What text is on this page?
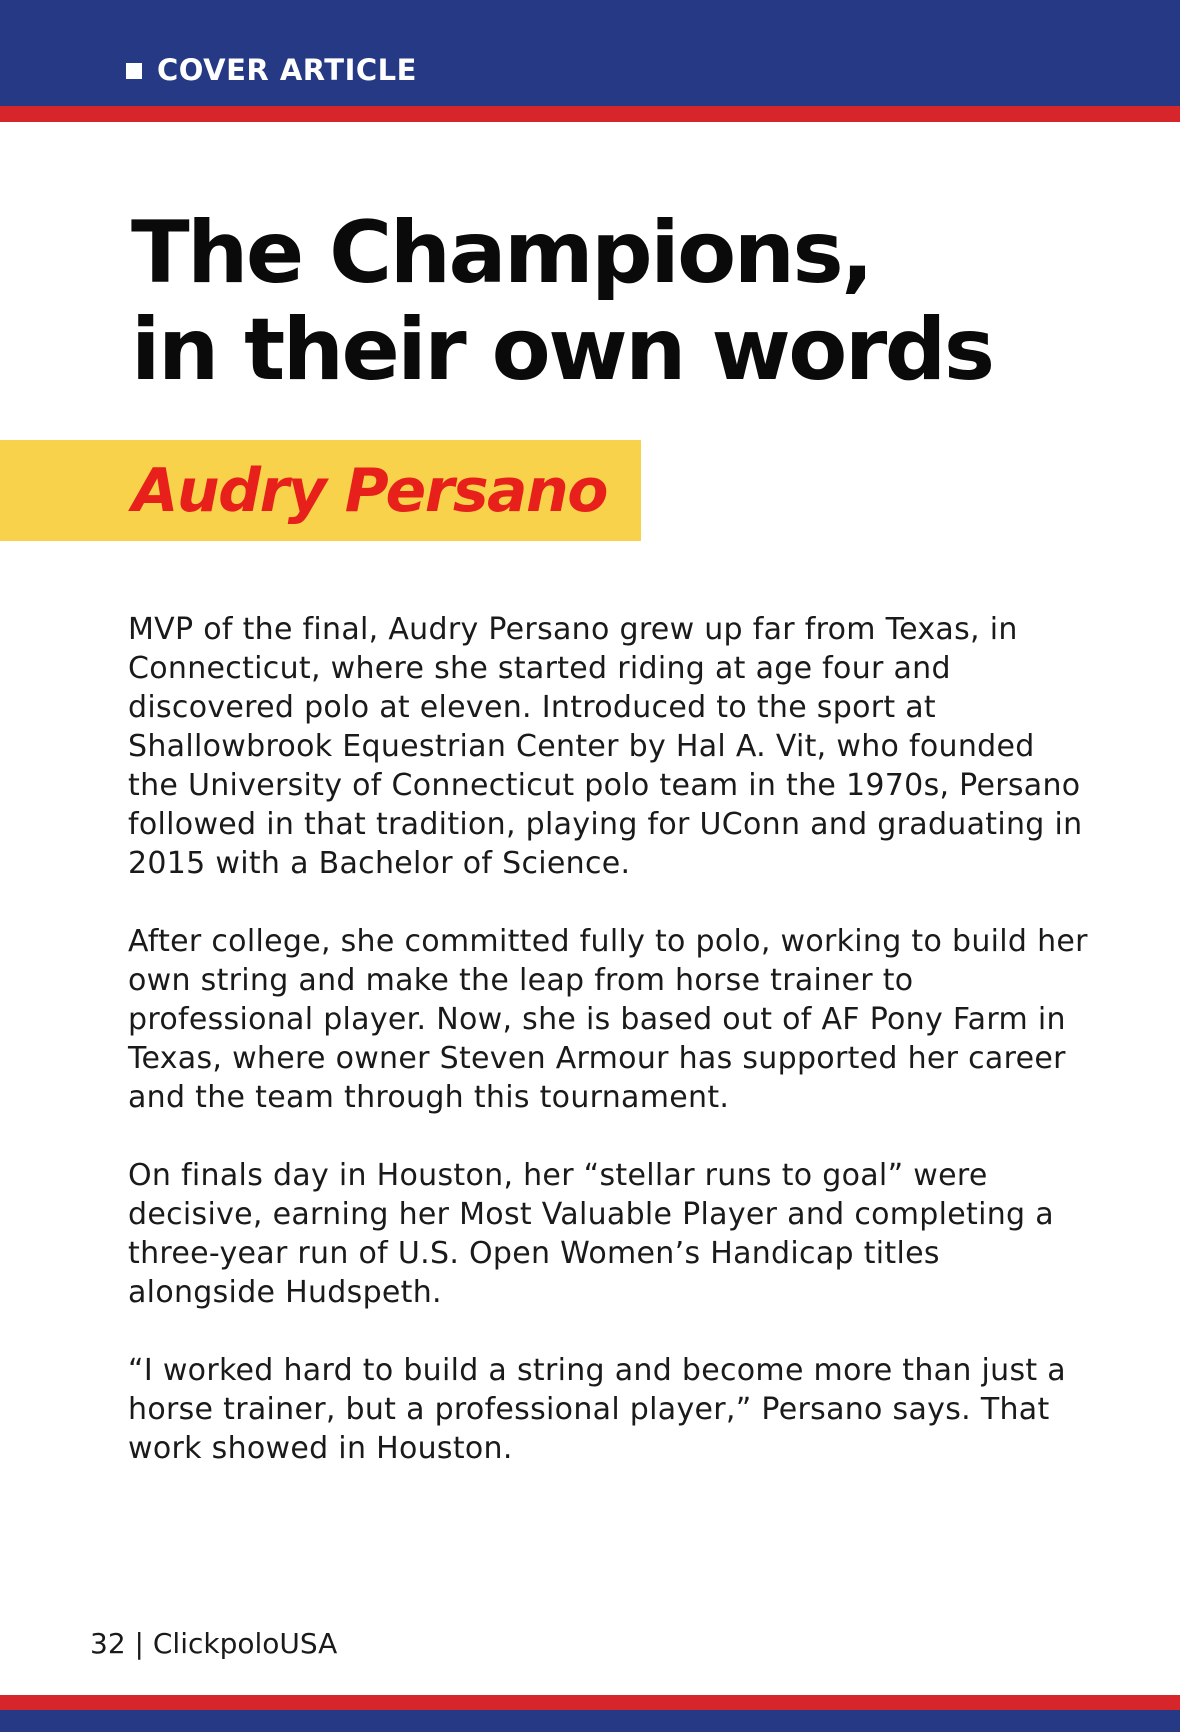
COVER ARTICLE
The Champions,
in their own words
Audry Persano

MVP of the final, Audry Persano grew up far from Texas, in Connecticut, where she started riding at age four and discovered polo at eleven. Introduced to the sport at Shallowbrook Equestrian Center by Hal A. Vit, who founded the University of Connecticut polo team in the 1970s, Persano followed in that tradition, playing for UConn and graduating in 2015 with a Bachelor of Science.

After college, she committed fully to polo, working to build her own string and make the leap from horse trainer to professional player. Now, she is based out of AF Pony Farm in Texas, where owner Steven Armour has supported her career and the team through this tournament.

On finals day in Houston, her “stellar runs to goal” were decisive, earning her Most Valuable Player and completing a three-year run of U.S. Open Women’s Handicap titles alongside Hudspeth.

“I worked hard to build a string and become more than just a horse trainer, but a professional player,” Persano says. That work showed in Houston.

32 | ClickpoloUSA
